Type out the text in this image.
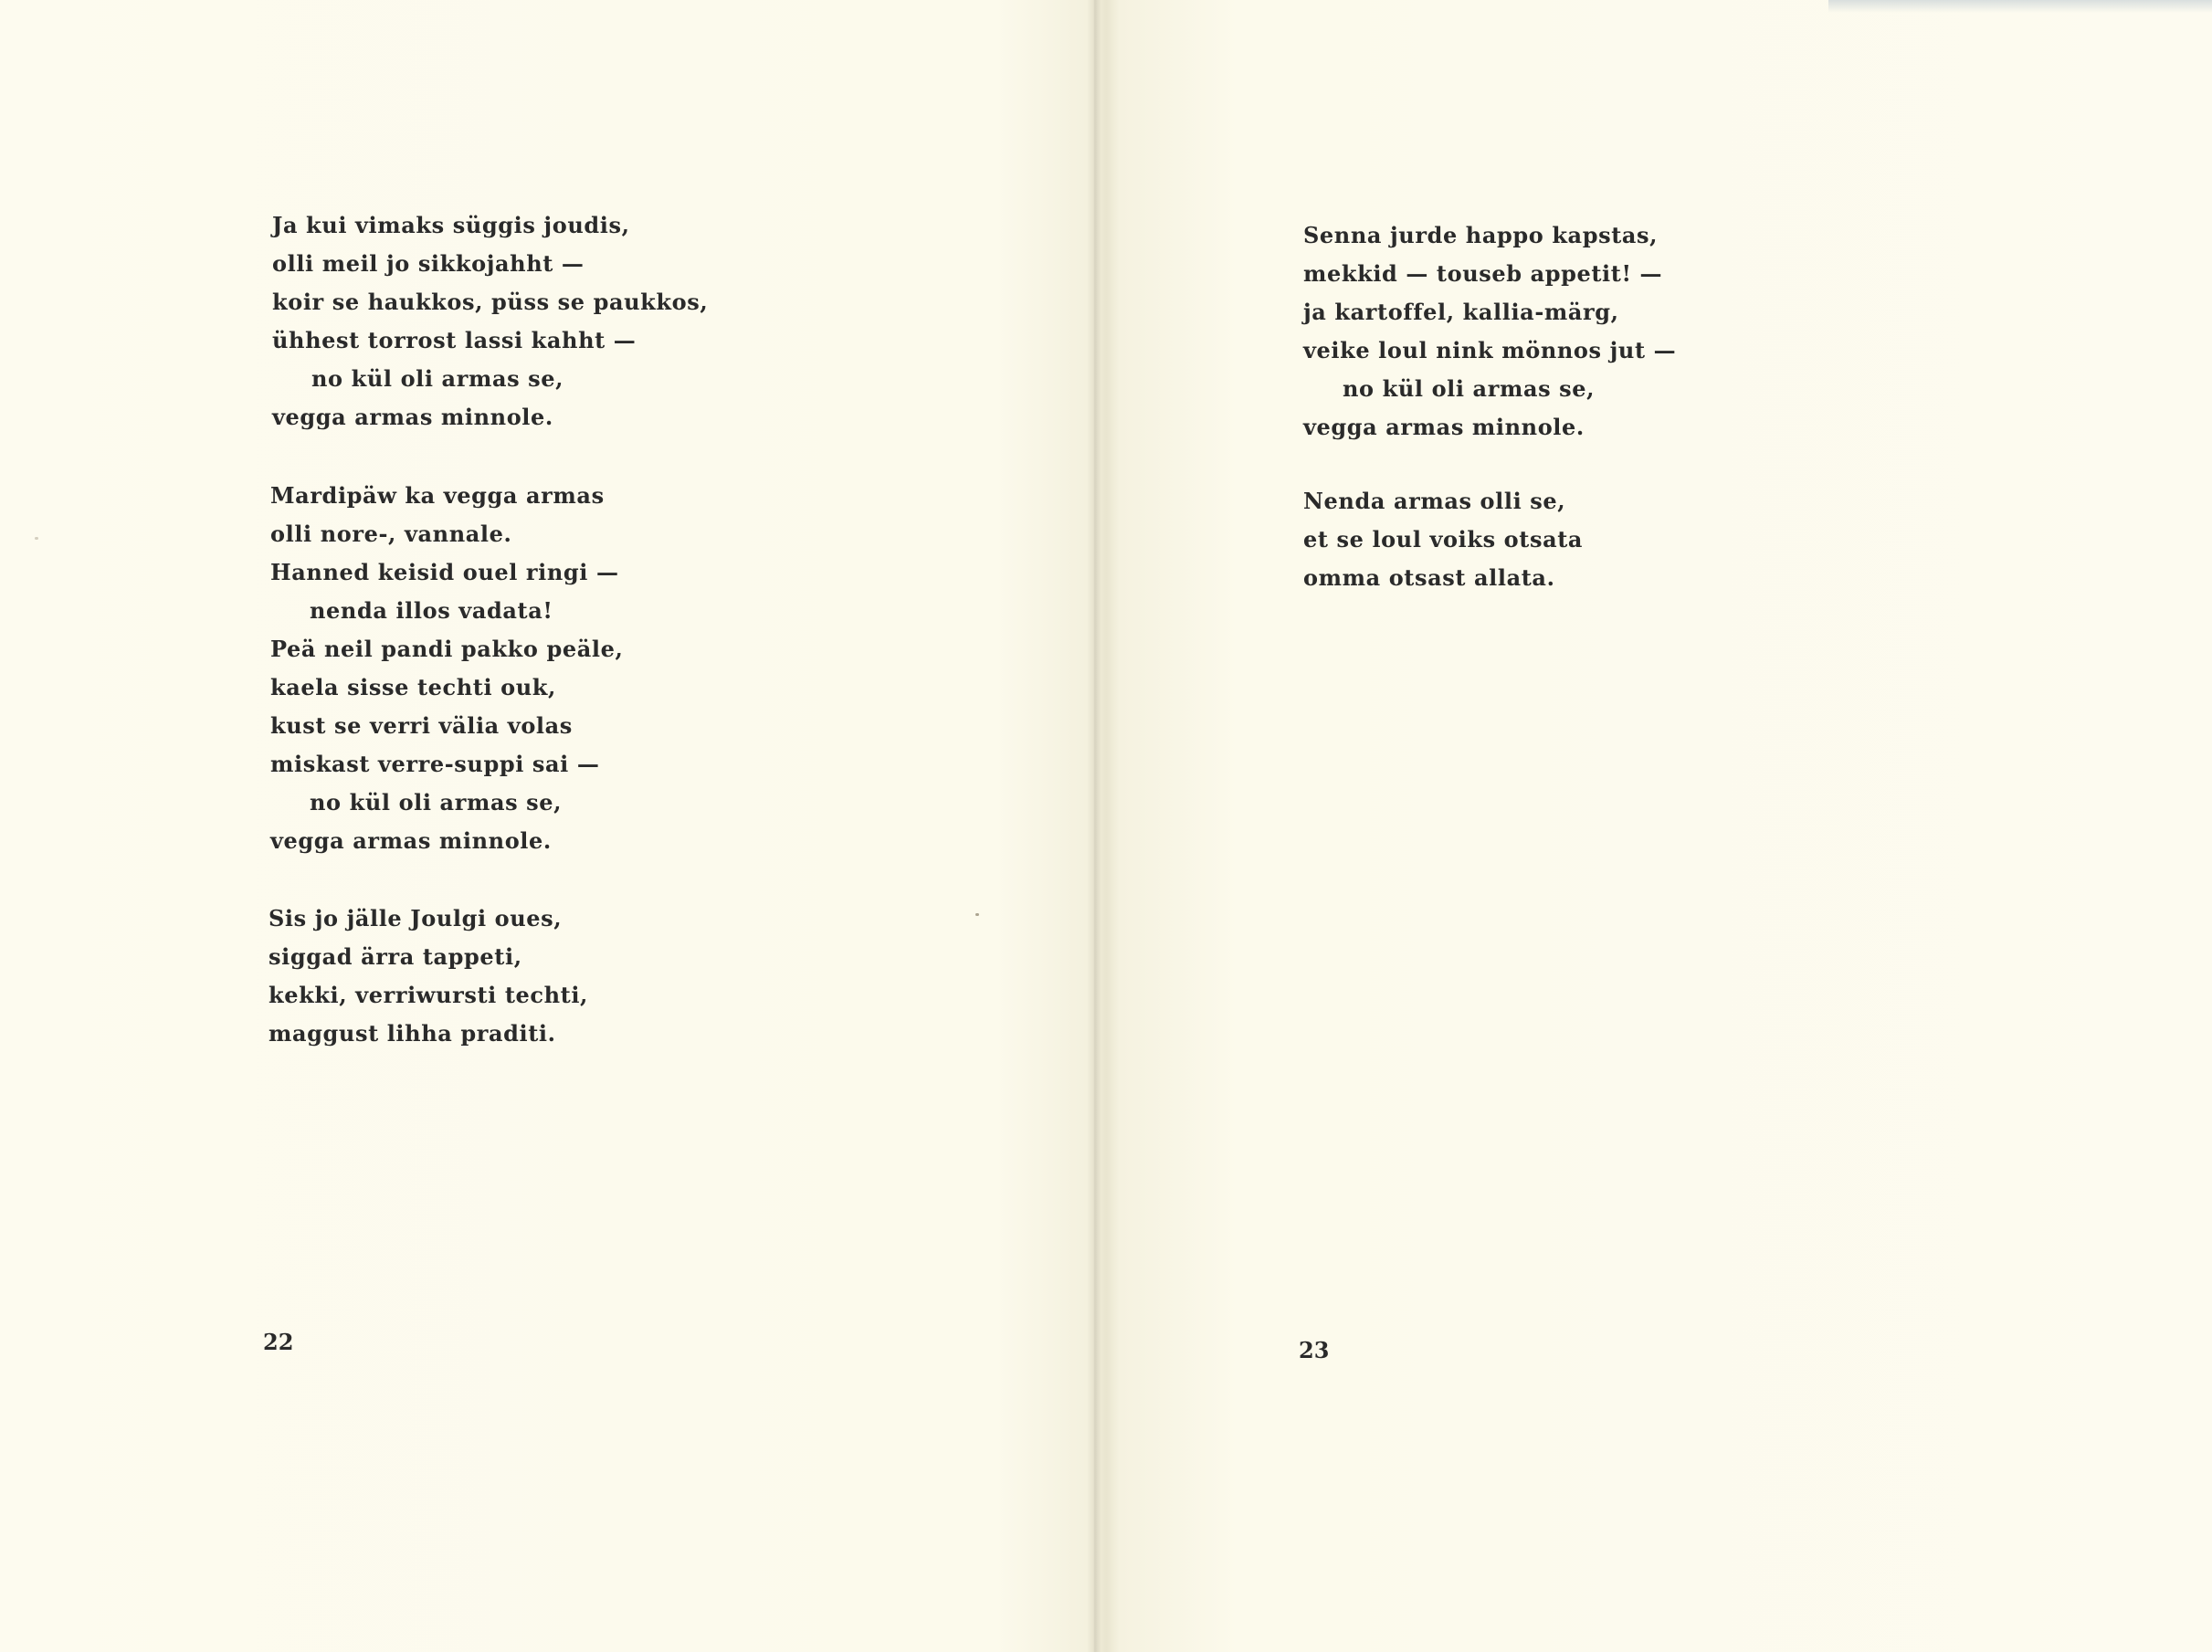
Ja kui vimaks süggis joudis,
olli meil jo sikkojahht —
koir se haukkos, püss se paukkos,
ühhest torrost lassi kahht —
no kül oli armas se,
vegga armas minnole.
Mardipäw ka vegga armas
olli nore-, vannale.
Hanned keisid ouel ringi —
nenda illos vadata!
Peä neil pandi pakko peäle,
kaela sisse techti ouk,
kust se verri välia volas
miskast verre-suppi sai —
no kül oli armas se,
vegga armas minnole.
Sis jo jälle Joulgi oues,
siggad ärra tappeti,
kekki, verriwursti techti,
maggust lihha praditi.
22
Senna jurde happo kapstas,
mekkid — touseb appetit! —
ja kartoffel, kallia-märg,
veike loul nink mönnos jut —
no kül oli armas se,
vegga armas minnole.
Nenda armas olli se,
et se loul voiks otsata
omma otsast allata.
23
